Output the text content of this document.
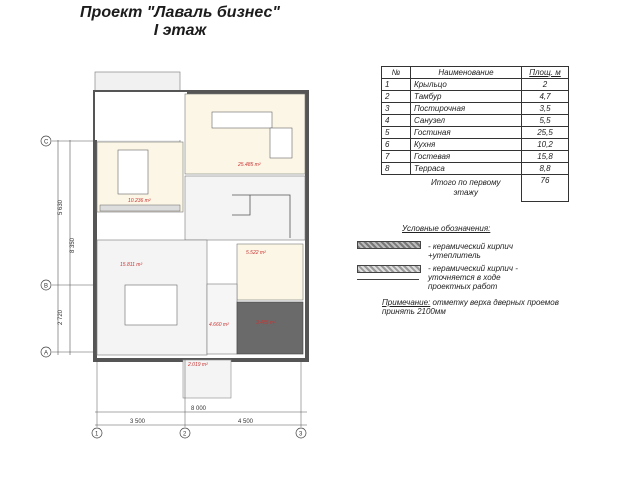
Проект "Лаваль бизнес"
I этаж
5 630
8 350
2 720
C
B
A
25.485 m²
10.236 m²
15.811 m²
5.522 m²
4.660 m²	3.485 m²
2.019 m²
8 000
3 500	4 500
1	2	3
№	Наименование	Площ. м
1	Крыльцо	2
2	Тамбур	4,7
3	Постирочная	3,5
4	Санузел	5,5
5	Гостиная	25,5
6	Кухня	10,2
7	Гостевая	15,8
8	Терраса	8,8
	Итого по первому этажу	76
Условные обозначения:
- керамический кирпич +утеплитель
- керамический кирпич - уточняется в ходе проектных работ
Примечание: отметку верха дверных проемов принять 2100мм
